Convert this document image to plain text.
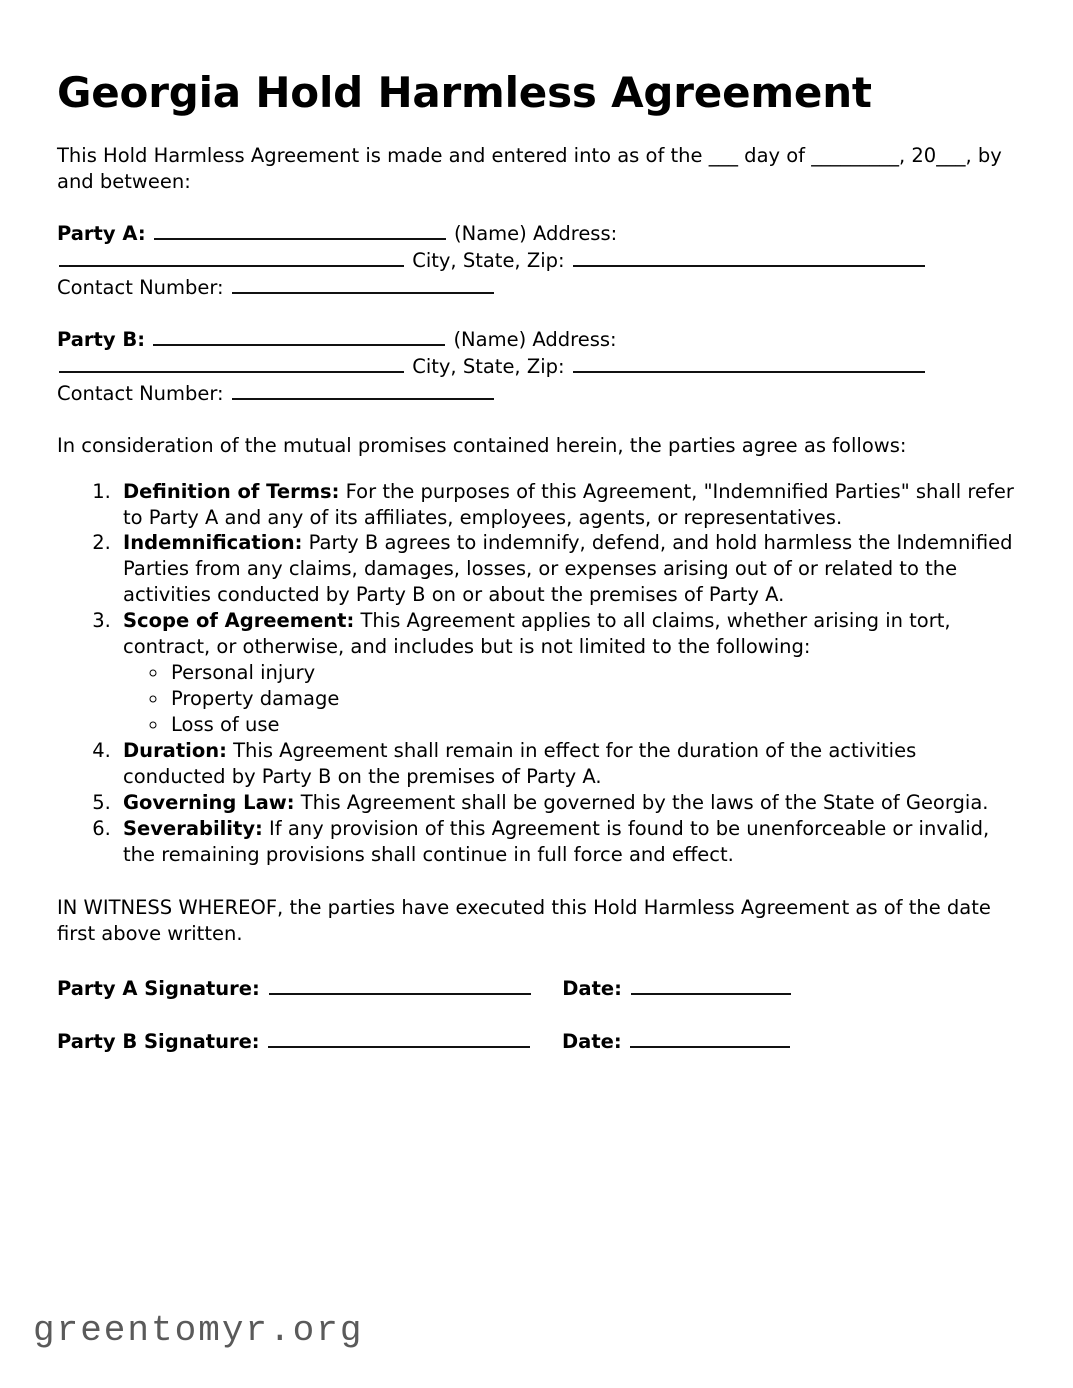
Georgia Hold Harmless Agreement

This Hold Harmless Agreement is made and entered into as of the ___ day of _________, 20___, by and between:

Party A:	(Name) Address:
City, State, Zip:
Contact Number:
Party B:	(Name) Address:
City, State, Zip:
Contact Number:

In consideration of the mutual promises contained herein, the parties agree as follows:

1. Definition of Terms: For the purposes of this Agreement, "Indemnified Parties" shall refer to Party A and any of its affiliates, employees, agents, or representatives.
2. Indemnification: Party B agrees to indemnify, defend, and hold harmless the Indemnified Parties from any claims, damages, losses, or expenses arising out of or related to the activities conducted by Party B on or about the premises of Party A.
3. Scope of Agreement: This Agreement applies to all claims, whether arising in tort, contract, or otherwise, and includes but is not limited to the following:
◦ Personal injury
◦ Property damage
◦ Loss of use
4. Duration: This Agreement shall remain in effect for the duration of the activities conducted by Party B on the premises of Party A.
5. Governing Law: This Agreement shall be governed by the laws of the State of Georgia.
6. Severability: If any provision of this Agreement is found to be unenforceable or invalid, the remaining provisions shall continue in full force and effect.

IN WITNESS WHEREOF, the parties have executed this Hold Harmless Agreement as of the date first above written.

Party A Signature:	Date:
Party B Signature:	Date:
greentomyr.org
